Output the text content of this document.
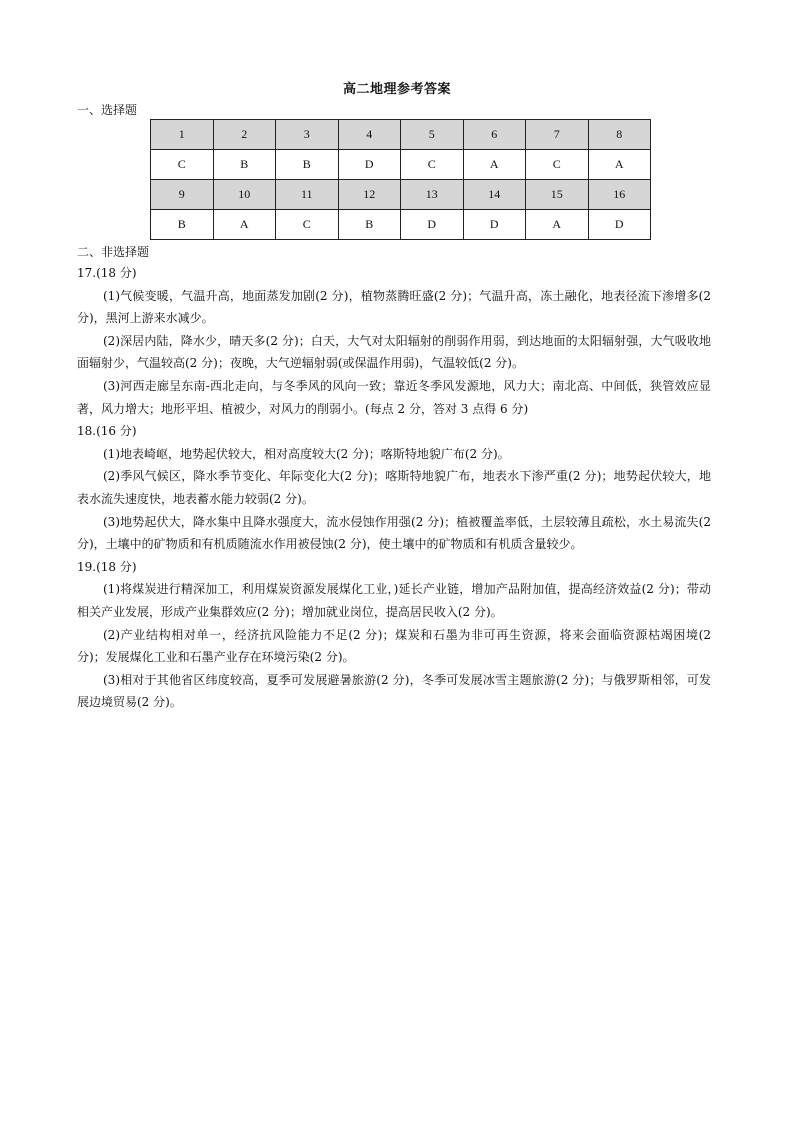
高二地理参考答案
一、选择题
1	2	3	4	5	6	7	8
C	B	B	D	C	A	C	A
9	10	11	12	13	14	15	16
B	A	C	B	D	D	A	D
二、非选择题

17.(18 分)

(1)气候变暖，气温升高，地面蒸发加剧(2 分)，植物蒸腾旺盛(2 分)；气温升高，冻土融化，地表径流下渗增多(2 分)，黑河上游来水减少。

(2)深居内陆，降水少，晴天多(2 分)；白天，大气对太阳辐射的削弱作用弱，到达地面的太阳辐射强，大气吸收地面辐射少，气温较高(2 分)；夜晚，大气逆辐射弱(或保温作用弱)，气温较低(2 分)。

(3)河西走廊呈东南-西北走向，与冬季风的风向一致；靠近冬季风发源地，风力大；南北高、中间低，狭管效应显著，风力增大；地形平坦、植被少，对风力的削弱小。(每点 2 分，答对 3 点得 6 分)

18.(16 分)

(1)地表崎岖，地势起伏较大，相对高度较大(2 分)；喀斯特地貌广布(2 分)。

(2)季风气候区，降水季节变化、年际变化大(2 分)；喀斯特地貌广布，地表水下渗严重(2 分)；地势起伏较大，地表水流失速度快，地表蓄水能力较弱(2 分)。

(3)地势起伏大，降水集中且降水强度大，流水侵蚀作用强(2 分)；植被覆盖率低，土层较薄且疏松，水土易流失(2 分)，土壤中的矿物质和有机质随流水作用被侵蚀(2 分)，使土壤中的矿物质和有机质含量较少。

19.(18 分)

(1)将煤炭进行精深加工，利用煤炭资源发展煤化工业，)延长产业链，增加产品附加值，提高经济效益(2 分)；带动相关产业发展，形成产业集群效应(2 分)；增加就业岗位，提高居民收入(2 分)。

(2)产业结构相对单一，经济抗风险能力不足(2 分)；煤炭和石墨为非可再生资源，将来会面临资源枯竭困境(2 分)；发展煤化工业和石墨产业存在环境污染(2 分)。

(3)相对于其他省区纬度较高，夏季可发展避暑旅游(2 分)，冬季可发展冰雪主题旅游(2 分)；与俄罗斯相邻，可发展边境贸易(2 分)。
